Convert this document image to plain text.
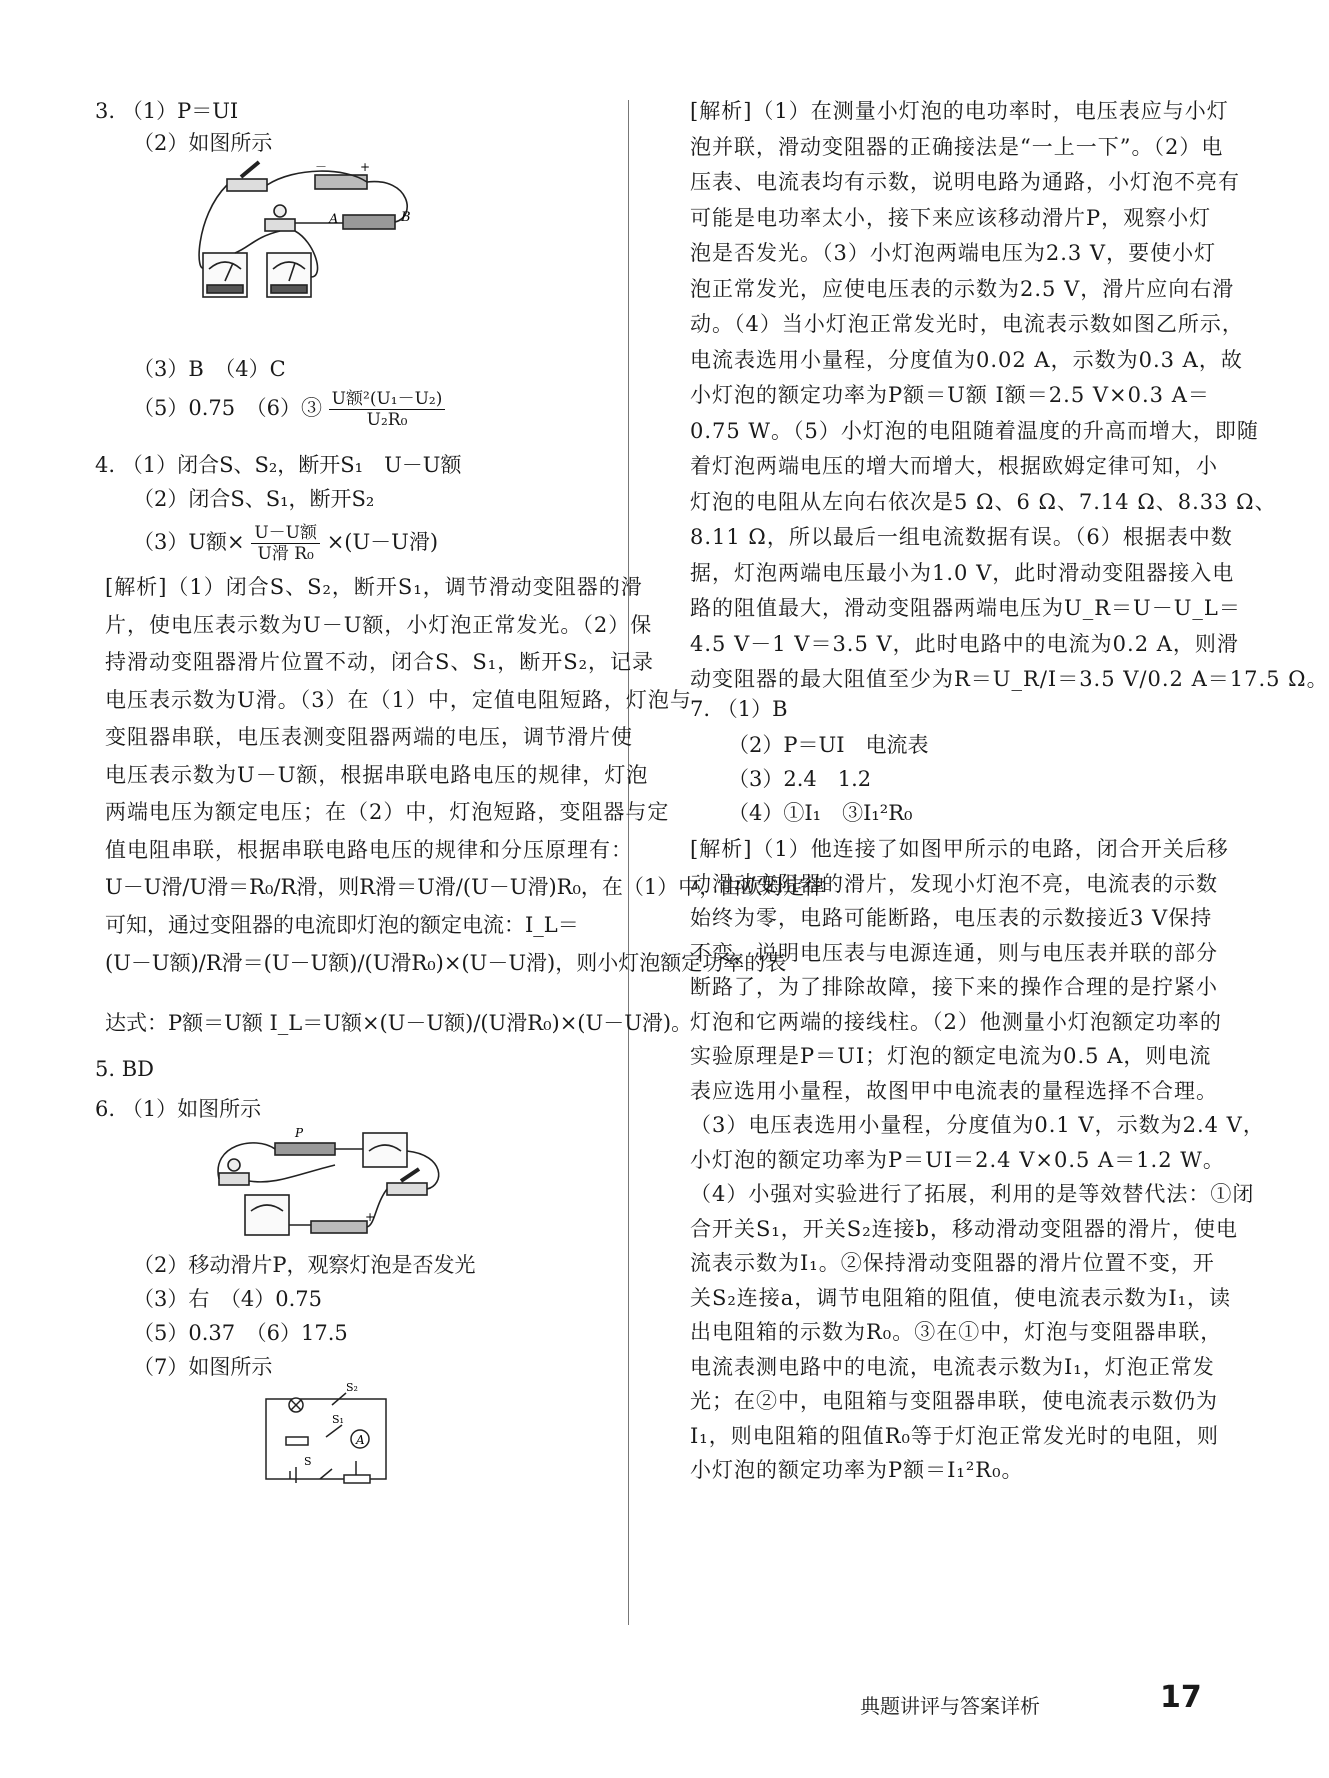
3. （1）P＝UI
（2）如图所示
－	+
A	B
（3）B　（4）C
（5）0.75　（6）③ $\frac{\text{U额²(U₁－U₂)}}{\text{U₂R₀}}$
4. （1）闭合S、S₂，断开S₁　U－U额
（2）闭合S、S₁，断开S₂
（3）U额× $\frac{\text{U－U额}}{\text{U滑 R₀}} \times(U-U$滑)
[解析]（1）闭合S、S₂，断开S₁，调节滑动变阻器的滑
片，使电压表示数为U－U额，小灯泡正常发光。（2）保
持滑动变阻器滑片位置不动，闭合S、S₁，断开S₂，记录
电压表示数为U滑。（3）在（1）中，定值电阻短路，灯泡与
变阻器串联，电压表测变阻器两端的电压，调节滑片使
电压表示数为U－U额，根据串联电路电压的规律，灯泡
两端电压为额定电压；在（2）中，灯泡短路，变阻器与定
值电阻串联，根据串联电路电压的规律和分压原理有：
U－U滑/U滑＝R₀/R滑，则R滑＝U滑/(U－U滑)R₀，在（1）中，由欧姆定律
可知，通过变阻器的电流即灯泡的额定电流：I_L＝
(U－U额)/R滑＝(U－U额)/(U滑R₀)×(U－U滑)，则小灯泡额定功率的表
达式：P额＝U额 I_L＝U额×(U－U额)/(U滑R₀)×(U－U滑)。
5. BD
6. （1）如图所示
P
+
（2）移动滑片P，观察灯泡是否发光
（3）右　（4）0.75
（5）0.37　（6）17.5
（7）如图所示
A
S₂
S₁
S
[解析]（1）在测量小灯泡的电功率时，电压表应与小灯
泡并联，滑动变阻器的正确接法是“一上一下”。（2）电
压表、电流表均有示数，说明电路为通路，小灯泡不亮有
可能是电功率太小，接下来应该移动滑片P，观察小灯
泡是否发光。（3）小灯泡两端电压为2.3 V，要使小灯
泡正常发光，应使电压表的示数为2.5 V，滑片应向右滑
动。（4）当小灯泡正常发光时，电流表示数如图乙所示，
电流表选用小量程，分度值为0.02 A，示数为0.3 A，故
小灯泡的额定功率为P额＝U额 I额＝2.5 V×0.3 A＝
0.75 W。（5）小灯泡的电阻随着温度的升高而增大，即随
着灯泡两端电压的增大而增大，根据欧姆定律可知，小
灯泡的电阻从左向右依次是5 Ω、6 Ω、7.14 Ω、8.33 Ω、
8.11 Ω，所以最后一组电流数据有误。（6）根据表中数
据，灯泡两端电压最小为1.0 V，此时滑动变阻器接入电
路的阻值最大，滑动变阻器两端电压为U_R＝U－U_L＝
4.5 V－1 V＝3.5 V，此时电路中的电流为0.2 A，则滑
动变阻器的最大阻值至少为R＝U_R/I＝3.5 V/0.2 A＝17.5 Ω。
7. （1）B
（2）P＝UI　电流表
（3）2.4　1.2
（4）①I₁　③I₁²R₀
[解析]（1）他连接了如图甲所示的电路，闭合开关后移
动滑动变阻器的滑片，发现小灯泡不亮，电流表的示数
始终为零，电路可能断路，电压表的示数接近3 V保持
不变，说明电压表与电源连通，则与电压表并联的部分
断路了，为了排除故障，接下来的操作合理的是拧紧小
灯泡和它两端的接线柱。（2）他测量小灯泡额定功率的
实验原理是P＝UI；灯泡的额定电流为0.5 A，则电流
表应选用小量程，故图甲中电流表的量程选择不合理。
（3）电压表选用小量程，分度值为0.1 V，示数为2.4 V，
小灯泡的额定功率为P＝UI＝2.4 V×0.5 A＝1.2 W。
（4）小强对实验进行了拓展，利用的是等效替代法：①闭
合开关S₁，开关S₂连接b，移动滑动变阻器的滑片，使电
流表示数为I₁。②保持滑动变阻器的滑片位置不变，开
关S₂连接a，调节电阻箱的阻值，使电流表示数为I₁，读
出电阻箱的示数为R₀。③在①中，灯泡与变阻器串联，
电流表测电路中的电流，电流表示数为I₁，灯泡正常发
光；在②中，电阻箱与变阻器串联，使电流表示数仍为
I₁，则电阻箱的阻值R₀等于灯泡正常发光时的电阻，则
小灯泡的额定功率为P额＝I₁²R₀。
典题讲评与答案详析	17
